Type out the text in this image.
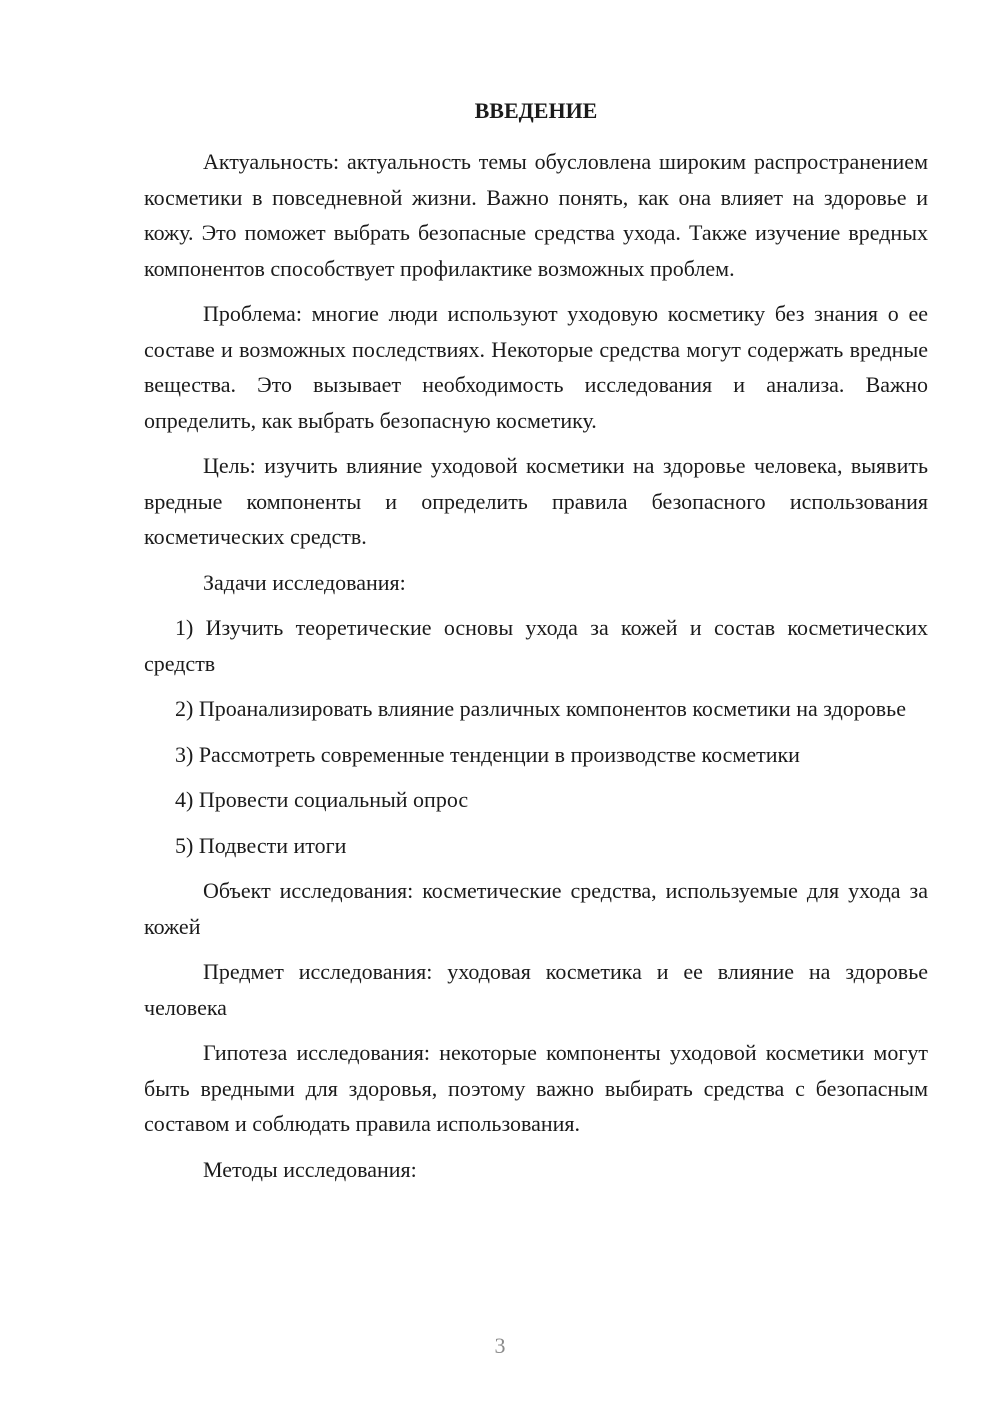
ВВЕДЕНИЕ

Актуальность: актуальность темы обусловлена широким распространением косметики в повседневной жизни. Важно понять, как она влияет на здоровье и кожу. Это поможет выбрать безопасные средства ухода. Также изучение вредных компонентов способствует профилактике возможных проблем.

Проблема: многие люди используют уходовую косметику без знания о ее составе и возможных последствиях. Некоторые средства могут содержать вредные вещества. Это вызывает необходимость исследования и анализа. Важно определить, как выбрать безопасную косметику.

Цель: изучить влияние уходовой косметики на здоровье человека, выявить вредные компоненты и определить правила безопасного использования косметических средств.

Задачи исследования:

1) Изучить теоретические основы ухода за кожей и состав косметических средств

2) Проанализировать влияние различных компонентов косметики на здоровье

3) Рассмотреть современные тенденции в производстве косметики

4) Провести социальный опрос

5) Подвести итоги

Объект исследования: косметические средства, используемые для ухода за кожей

Предмет исследования: уходовая косметика и ее влияние на здоровье человека

Гипотеза исследования: некоторые компоненты уходовой косметики могут быть вредными для здоровья, поэтому важно выбирать средства с безопасным составом и соблюдать правила использования.

Методы исследования:

3
